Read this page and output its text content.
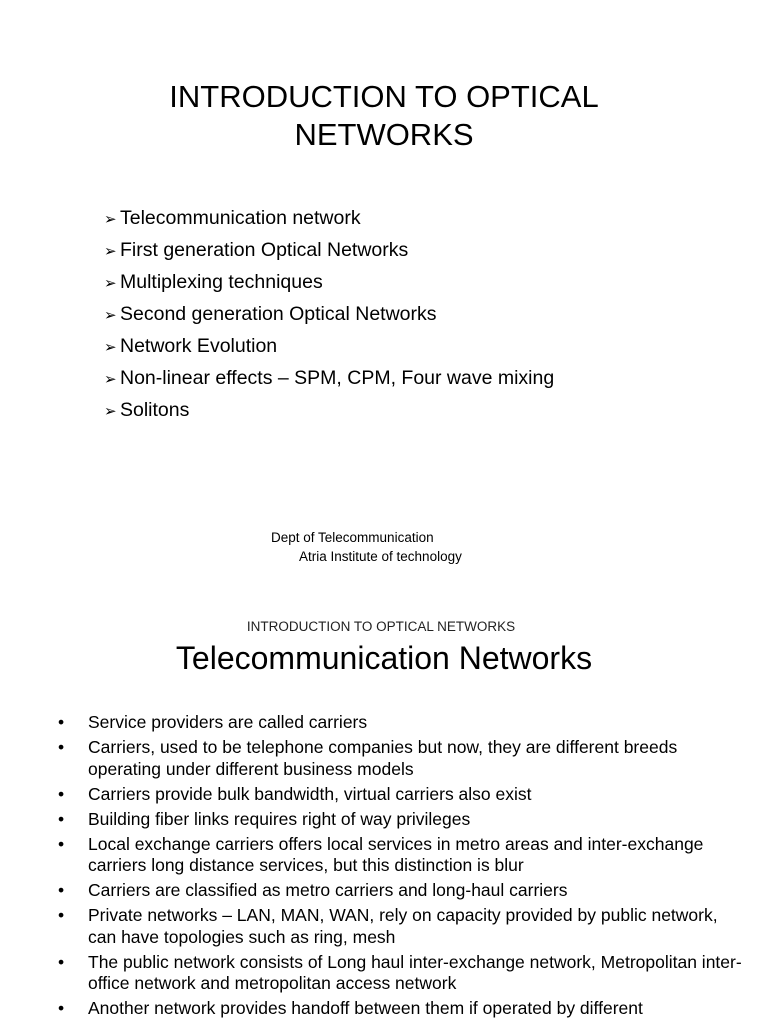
INTRODUCTION TO OPTICAL
NETWORKS
➢ Telecommunication network
➢ First generation Optical Networks
➢ Multiplexing techniques
➢ Second generation Optical Networks
➢ Network Evolution
➢ Non-linear effects – SPM, CPM, Four wave mixing
➢ Solitons
Dept of Telecommunication
Atria Institute of technology
INTRODUCTION TO OPTICAL NETWORKS
Telecommunication Networks
• Service providers are called carriers
• Carriers, used to be telephone companies but now, they are different breeds operating under different business models
• Carriers provide bulk bandwidth, virtual carriers also exist
• Building fiber links requires right of way privileges
• Local exchange carriers offers local services in metro areas and inter-exchange carriers long distance services, but this distinction is blur
• Carriers are classified as metro carriers and long-haul carriers
• Private networks – LAN, MAN, WAN, rely on capacity provided by public network, can have topologies such as ring, mesh
• The public network consists of Long haul inter-exchange network, Metropolitan inter-office network and metropolitan access network
• Another network provides handoff between them if operated by different
